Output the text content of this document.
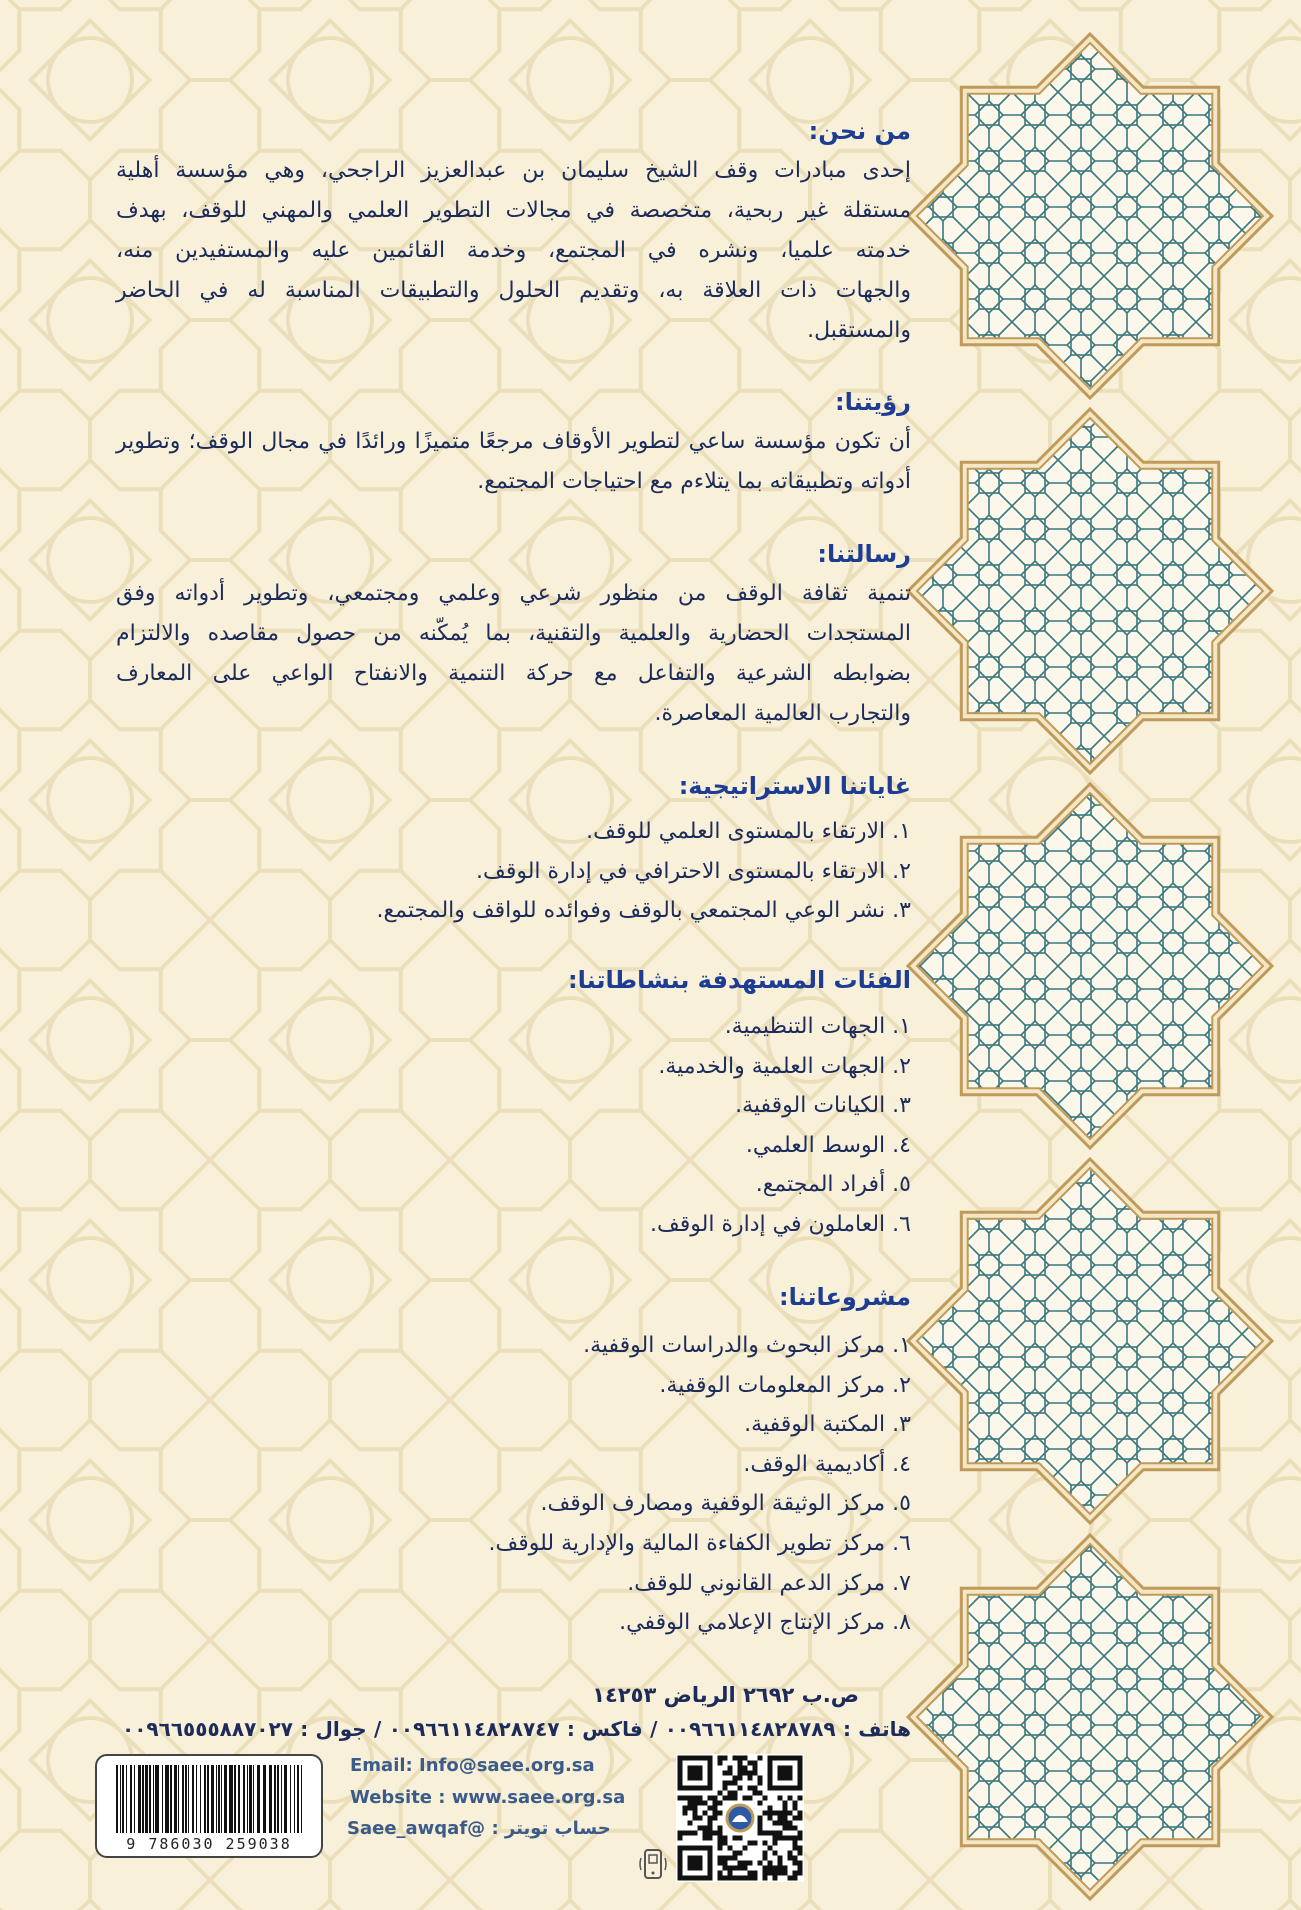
من نحن:
إحدى مبادرات وقف الشيخ سليمان بن عبدالعزيز الراجحي، وهي مؤسسة أهلية
مستقلة غير ربحية، متخصصة في مجالات التطوير العلمي والمهني للوقف، بهدف
خدمته علميا، ونشره في المجتمع، وخدمة القائمين عليه والمستفيدين منه،
والجهات ذات العلاقة به، وتقديم الحلول والتطبيقات المناسبة له في الحاضر
والمستقبل.
رؤيتنا:
أن تكون مؤسسة ساعي لتطوير الأوقاف مرجعًا متميزًا ورائدًا في مجال الوقف؛ وتطوير
أدواته وتطبيقاته بما يتلاءم مع احتياجات المجتمع.
رسالتنا:
تنمية ثقافة الوقف من منظور شرعي وعلمي ومجتمعي، وتطوير أدواته وفق
المستجدات الحضارية والعلمية والتقنية، بما يُمكّنه من حصول مقاصده والالتزام
بضوابطه الشرعية والتفاعل مع حركة التنمية والانفتاح الواعي على المعارف
والتجارب العالمية المعاصرة.
غاياتنا الاستراتيجية:
١. الارتقاء بالمستوى العلمي للوقف.
٢. الارتقاء بالمستوى الاحترافي في إدارة الوقف.
٣. نشر الوعي المجتمعي بالوقف وفوائده للواقف والمجتمع.
الفئات المستهدفة بنشاطاتنا:
١. الجهات التنظيمية.
٢. الجهات العلمية والخدمية.
٣. الكيانات الوقفية.
٤. الوسط العلمي.
٥. أفراد المجتمع.
٦. العاملون في إدارة الوقف.
مشروعاتنا:
١. مركز البحوث والدراسات الوقفية.
٢. مركز المعلومات الوقفية.
٣. المكتبة الوقفية.
٤. أكاديمية الوقف.
٥. مركز الوثيقة الوقفية ومصارف الوقف.
٦. مركز تطوير الكفاءة المالية والإدارية للوقف.
٧. مركز الدعم القانوني للوقف.
٨. مركز الإنتاج الإعلامي الوقفي.
ص.ب ٢٦٩٢ الرياض ١٤٢٥٣
هاتف : ٠٠٩٦٦١١٤٨٢٨٧٨٩ / فاكس : ٠٠٩٦٦١١٤٨٢٨٧٤٧ / جوال : ٠٠٩٦٦٥٥٥٨٨٧٠٢٧
Email: Info@saee.org.sa
Website : www.saee.org.sa
حساب تويتر : @Saee_awqaf
9 786030 259038
